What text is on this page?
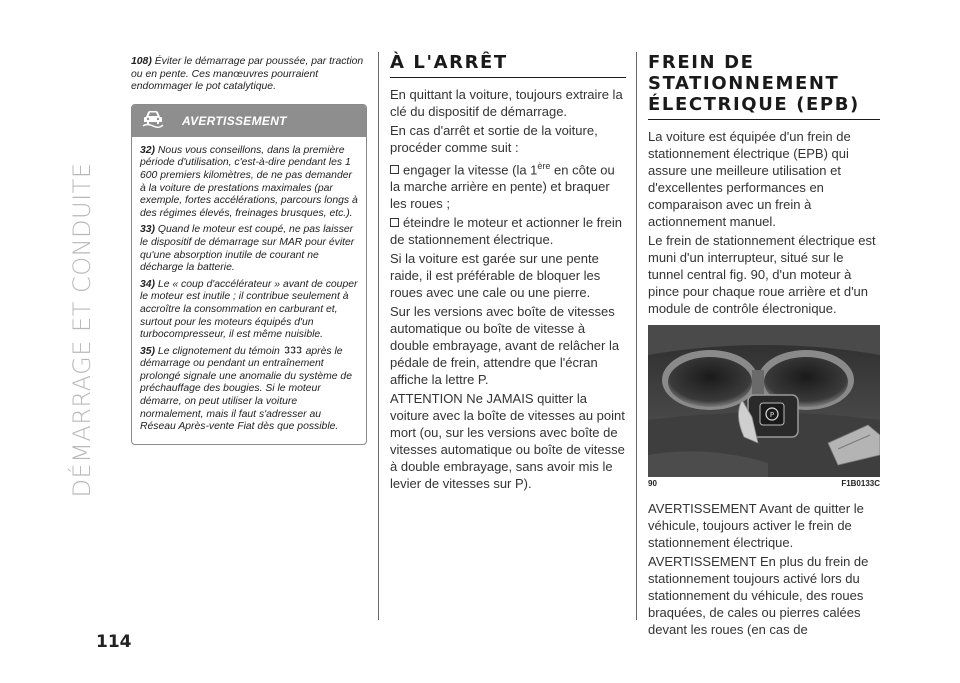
DÉMARRAGE ET CONDUITE
114

108) Éviter le démarrage par poussée, par traction ou en pente. Ces manœuvres pourraient endommager le pot catalytique.

AVERTISSEMENT

32) Nous vous conseillons, dans la première période d'utilisation, c'est-à-dire pendant les 1 600 premiers kilomètres, de ne pas demander à la voiture de prestations maximales (par exemple, fortes accélérations, parcours longs à des régimes élevés, freinages brusques, etc.).

33) Quand le moteur est coupé, ne pas laisser le dispositif de démarrage sur MAR pour éviter qu'une absorption inutile de courant ne décharge la batterie.

34) Le « coup d'accélérateur » avant de couper le moteur est inutile ; il contribue seulement à accroître la consommation en carburant et, surtout pour les moteurs équipés d'un turbocompresseur, il est même nuisible.

35) Le clignotement du témoin après le démarrage ou pendant un entraînement prolongé signale une anomalie du système de préchauffage des bougies. Si le moteur démarre, on peut utiliser la voiture normalement, mais il faut s'adresser au Réseau Après-vente Fiat dès que possible.

À L'ARRÊT

En quittant la voiture, toujours extraire la clé du dispositif de démarrage.

En cas d'arrêt et sortie de la voiture, procéder comme suit :

engager la vitesse (la 1ère en côte ou la marche arrière en pente) et braquer les roues ;

éteindre le moteur et actionner le frein de stationnement électrique.

Si la voiture est garée sur une pente raide, il est préférable de bloquer les roues avec une cale ou une pierre.

Sur les versions avec boîte de vitesses automatique ou boîte de vitesse à double embrayage, avant de relâcher la pédale de frein, attendre que l'écran affiche la lettre P.

ATTENTION Ne JAMAIS quitter la voiture avec la boîte de vitesses au point mort (ou, sur les versions avec boîte de vitesses automatique ou boîte de vitesse à double embrayage, sans avoir mis le levier de vitesses sur P).

FREIN DE STATIONNEMENT ÉLECTRIQUE (EPB)

La voiture est équipée d'un frein de stationnement électrique (EPB) qui assure une meilleure utilisation et d'excellentes performances en comparaison avec un frein à actionnement manuel.

Le frein de stationnement électrique est muni d'un interrupteur, situé sur le tunnel central fig. 90, d'un moteur à pince pour chaque roue arrière et d'un module de contrôle électronique.

P
90	F1B0133C

AVERTISSEMENT Avant de quitter le véhicule, toujours activer le frein de stationnement électrique.

AVERTISSEMENT En plus du frein de stationnement toujours activé lors du stationnement du véhicule, des roues braquées, de cales ou pierres calées devant les roues (en cas de
